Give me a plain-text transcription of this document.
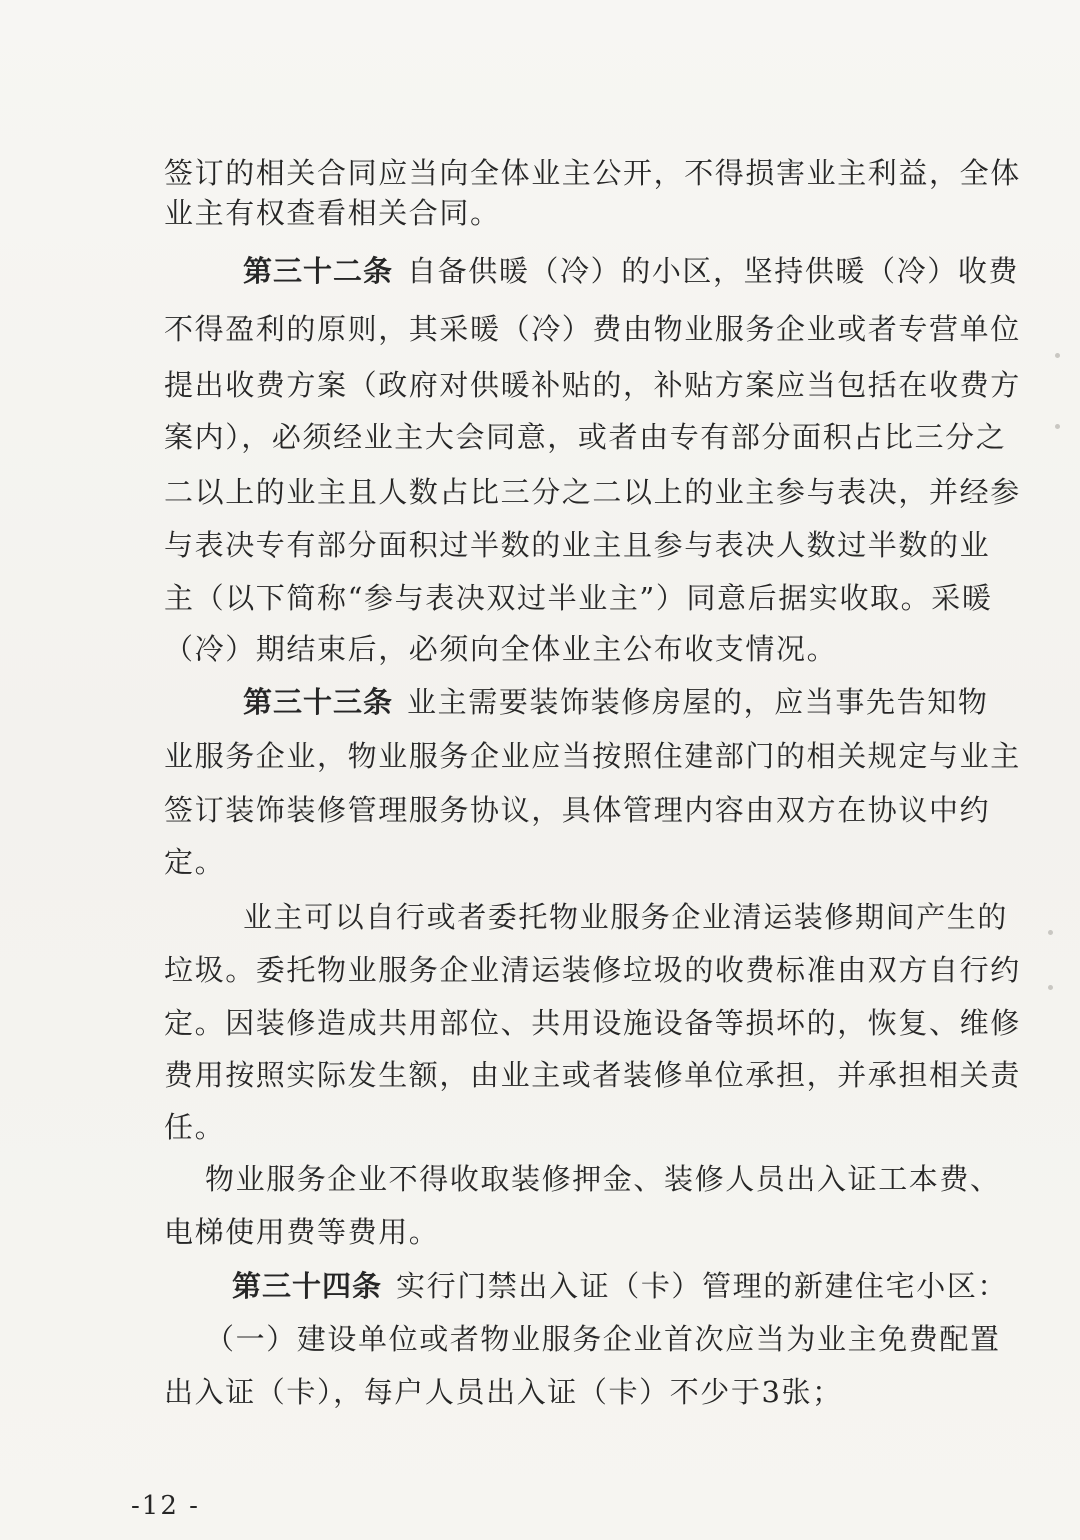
签订的相关合同应当向全体业主公开，不得损害业主利益，全体
业主有权查看相关合同。
第三十二条 自备供暖（冷）的小区，坚持供暖（冷）收费
不得盈利的原则，其采暖（冷）费由物业服务企业或者专营单位
提出收费方案（政府对供暖补贴的，补贴方案应当包括在收费方
案内），必须经业主大会同意，或者由专有部分面积占比三分之
二以上的业主且人数占比三分之二以上的业主参与表决，并经参
与表决专有部分面积过半数的业主且参与表决人数过半数的业
主（以下简称“参与表决双过半业主”）同意后据实收取。采暖
（冷）期结束后，必须向全体业主公布收支情况。
第三十三条 业主需要装饰装修房屋的，应当事先告知物
业服务企业，物业服务企业应当按照住建部门的相关规定与业主
签订装饰装修管理服务协议，具体管理内容由双方在协议中约
定。
业主可以自行或者委托物业服务企业清运装修期间产生的
垃圾。委托物业服务企业清运装修垃圾的收费标准由双方自行约
定。因装修造成共用部位、共用设施设备等损坏的，恢复、维修
费用按照实际发生额，由业主或者装修单位承担，并承担相关责
任。
物业服务企业不得收取装修押金、装修人员出入证工本费、
电梯使用费等费用。
第三十四条 实行门禁出入证（卡）管理的新建住宅小区：
（一）建设单位或者物业服务企业首次应当为业主免费配置
出入证（卡），每户人员出入证（卡）不少于3张；
-12 -
